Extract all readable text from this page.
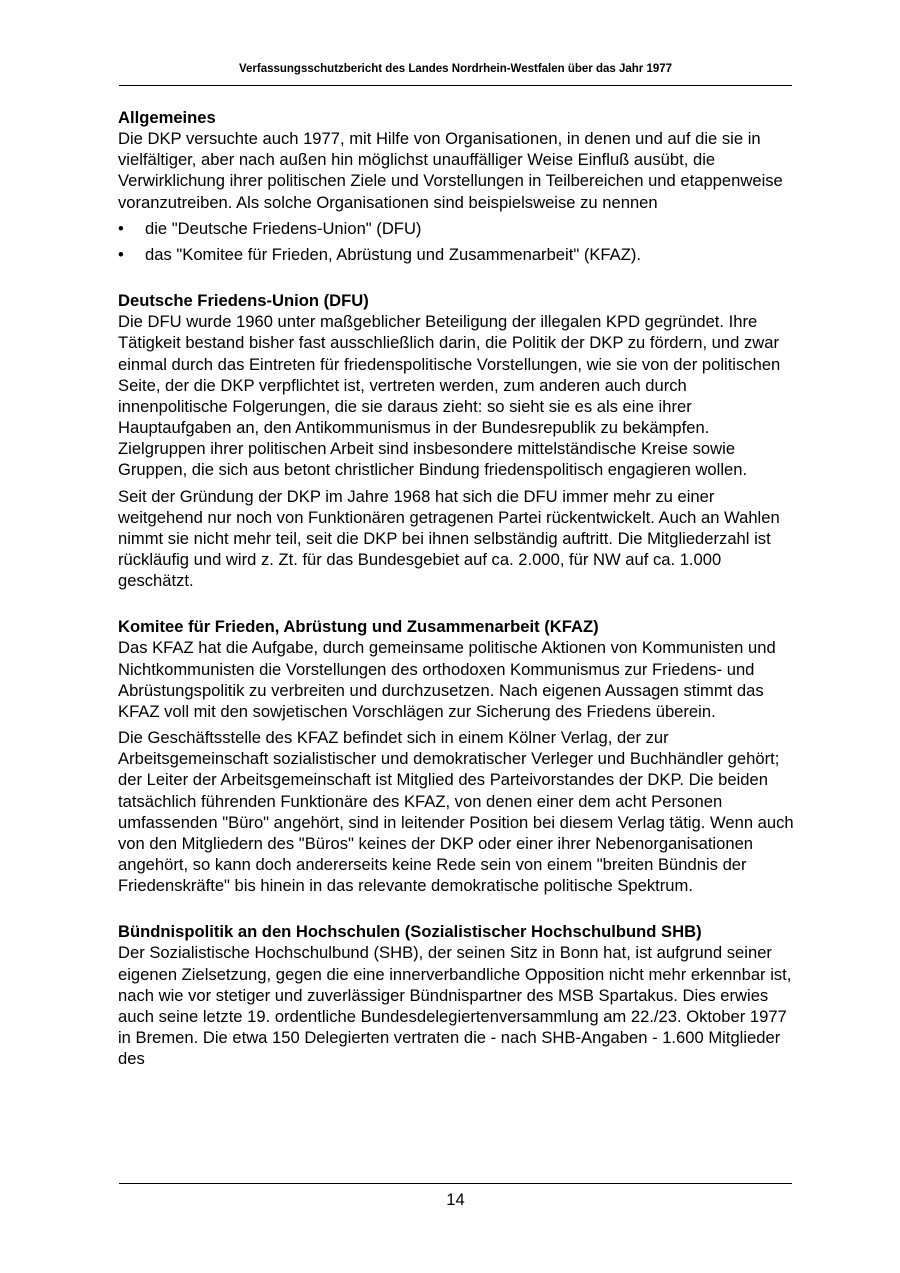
Verfassungsschutzbericht des Landes Nordrhein-Westfalen über das Jahr 1977
Allgemeines

Die DKP versuchte auch 1977, mit Hilfe von Organisationen, in denen und auf die sie in vielfältiger, aber nach außen hin möglichst unauffälliger Weise Einfluß ausübt, die Verwirklichung ihrer politischen Ziele und Vorstellungen in Teilbereichen und etappenweise voranzutreiben. Als solche Organisationen sind beispielsweise zu nennen

• die "Deutsche Friedens-Union" (DFU)
• das "Komitee für Frieden, Abrüstung und Zusammenarbeit" (KFAZ).
Deutsche Friedens-Union (DFU)

Die DFU wurde 1960 unter maßgeblicher Beteiligung der illegalen KPD gegründet. Ihre Tätigkeit bestand bisher fast ausschließlich darin, die Politik der DKP zu fördern, und zwar einmal durch das Eintreten für friedenspolitische Vorstellungen, wie sie von der politischen Seite, der die DKP verpflichtet ist, vertreten werden, zum anderen auch durch innenpolitische Folgerungen, die sie daraus zieht: so sieht sie es als eine ihrer Hauptaufgaben an, den Antikommunismus in der Bundesrepublik zu bekämpfen. Zielgruppen ihrer politischen Arbeit sind insbesondere mittelständische Kreise sowie Gruppen, die sich aus betont christlicher Bindung friedenspolitisch engagieren wollen.

Seit der Gründung der DKP im Jahre 1968 hat sich die DFU immer mehr zu einer weitgehend nur noch von Funktionären getragenen Partei rückentwickelt. Auch an Wahlen nimmt sie nicht mehr teil, seit die DKP bei ihnen selbständig auftritt. Die Mitgliederzahl ist rückläufig und wird z. Zt. für das Bundesgebiet auf ca. 2.000, für NW auf ca. 1.000 geschätzt.

Komitee für Frieden, Abrüstung und Zusammenarbeit (KFAZ)

Das KFAZ hat die Aufgabe, durch gemeinsame politische Aktionen von Kommunisten und Nichtkommunisten die Vorstellungen des orthodoxen Kommunismus zur Friedens- und Abrüstungspolitik zu verbreiten und durchzusetzen. Nach eigenen Aussagen stimmt das KFAZ voll mit den sowjetischen Vorschlägen zur Sicherung des Friedens überein.

Die Geschäftsstelle des KFAZ befindet sich in einem Kölner Verlag, der zur Arbeitsgemeinschaft sozialistischer und demokratischer Verleger und Buchhändler gehört; der Leiter der Arbeitsgemeinschaft ist Mitglied des Parteivorstandes der DKP. Die beiden tatsächlich führenden Funktionäre des KFAZ, von denen einer dem acht Personen umfassenden "Büro" angehört, sind in leitender Position bei diesem Verlag tätig. Wenn auch von den Mitgliedern des "Büros" keines der DKP oder einer ihrer Nebenorganisationen angehört, so kann doch andererseits keine Rede sein von einem "breiten Bündnis der Friedenskräfte" bis hinein in das relevante demokratische politische Spektrum.

Bündnispolitik an den Hochschulen (Sozialistischer Hochschulbund SHB)

Der Sozialistische Hochschulbund (SHB), der seinen Sitz in Bonn hat, ist aufgrund seiner eigenen Zielsetzung, gegen die eine innerverbandliche Opposition nicht mehr erkennbar ist, nach wie vor stetiger und zuverlässiger Bündnispartner des MSB Spartakus. Dies erwies auch seine letzte 19. ordentliche Bundesdelegiertenversammlung am 22./23. Oktober 1977 in Bremen. Die etwa 150 Delegierten vertraten die - nach SHB-Angaben - 1.600 Mitglieder des

14
